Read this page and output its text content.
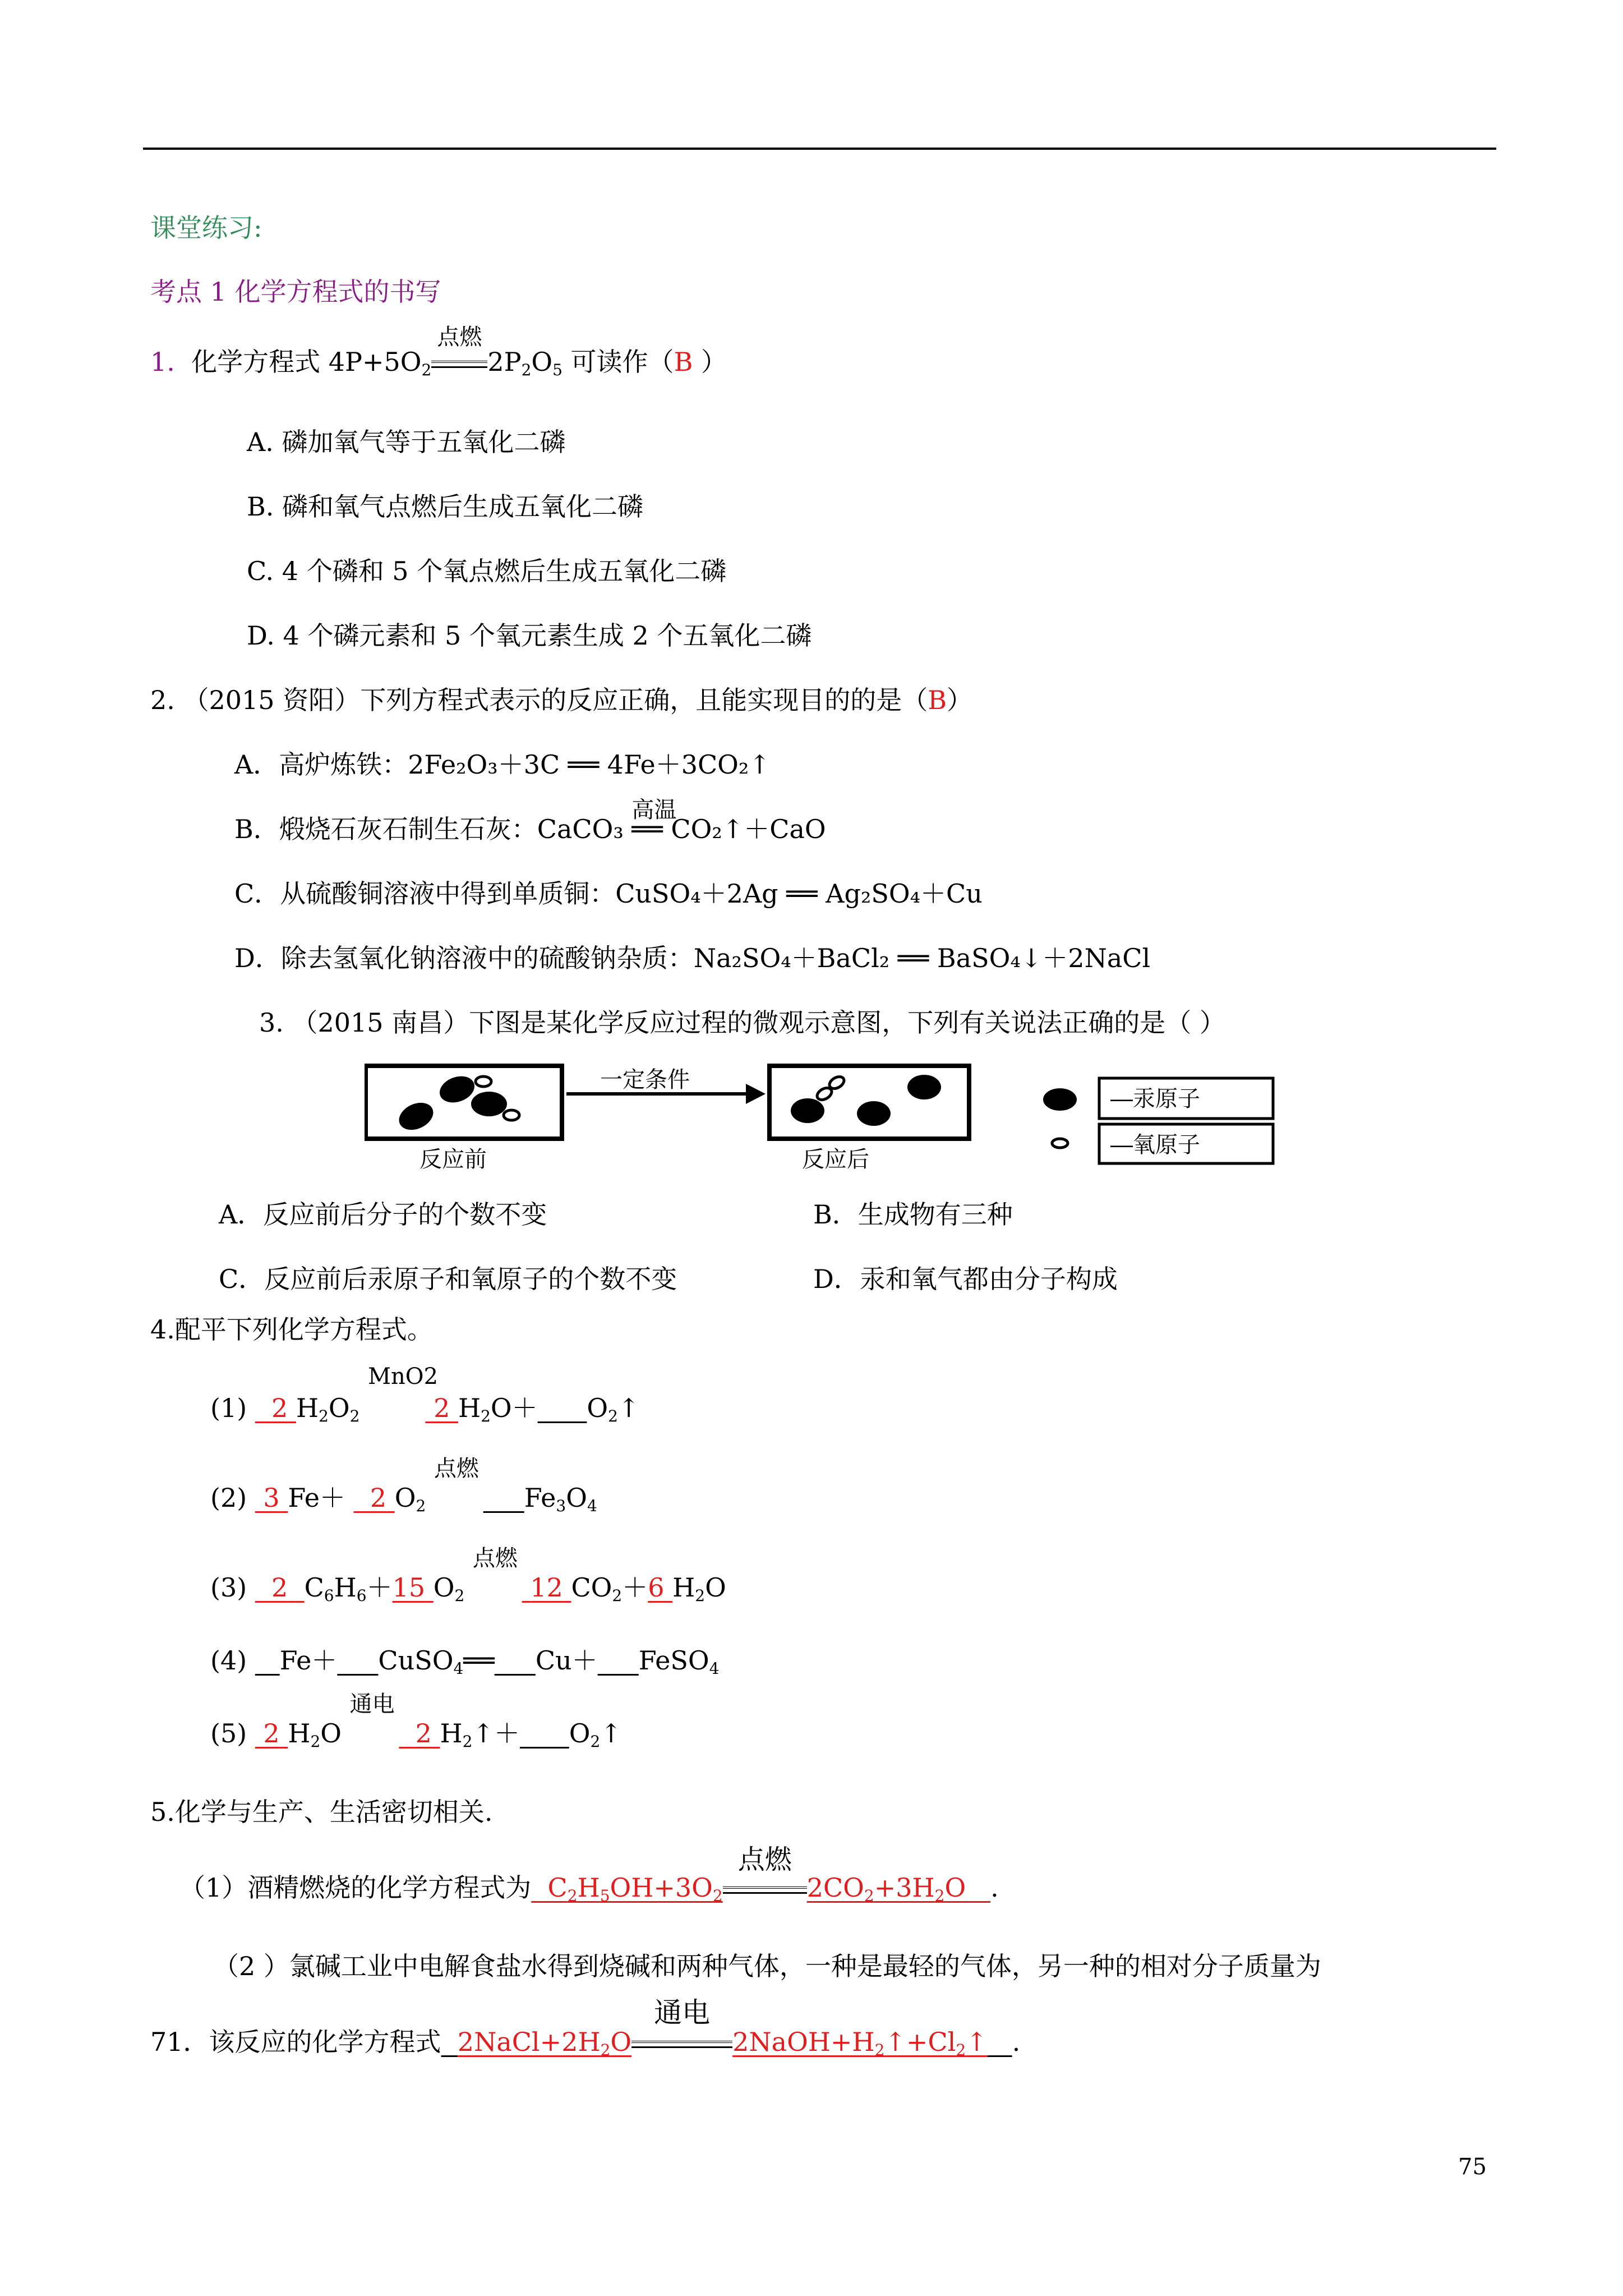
课堂练习:
考点 1 化学方程式的书写
1. 化学方程式 $4P+5O_2$
点燃
$2P_2O_5$ 可读作（B ）
A. 磷加氧气等于五氧化二磷
B. 磷和氧气点燃后生成五氧化二磷
C. 4 个磷和 5 个氧点燃后生成五氧化二磷
D. 4 个磷元素和 5 个氧元素生成 2 个五氧化二磷
2. （2015 资阳）下列方程式表示的反应正确，且能实现目的的是（B）
A．高炉炼铁：2Fe₂O₃＋3C ══ 4Fe＋3CO₂↑
B．煅烧石灰石制生石灰：CaCO₃
高温
══ CO₂↑＋CaO
C．从硫酸铜溶液中得到单质铜：CuSO₄＋2Ag ══ Ag₂SO₄＋Cu
D．除去氢氧化钠溶液中的硫酸钠杂质：Na₂SO₄＋BaCl₂ ══ BaSO₄↓＋2NaCl
3. （2015 南昌）下图是某化学反应过程的微观示意图，下列有关说法正确的是（ ）
反应前
一定条件
反应后
—汞原子
—氧原子
A．反应前后分子的个数不变	B．生成物有三种
C．反应前后汞原子和氧原子的个数不变	D．汞和氧气都由分子构成
4.配平下列化学方程式。
(1) 2 $H_2O_2$
MnO2
2 $H_2O+$ $O_2↑$
(2) 3 Fe＋   2 $O_2$
点燃
$Fe_3O_4$
(3) 2 $C_6H_6+15$ $O_2$
点燃
12 $CO_2+6$ $H_2O$
(4) Fe＋ CuSO$_4$══ Cu＋ FeSO$_4$
(5) 2 $H_2O$
通电
2 $H_2↑+$ $O_2↑$
5.化学与生产、生活密切相关.
（1）酒精燃烧的化学方程式为  $C_2H_5OH+3O_2$
点燃
$2CO_2+3H_2O$   .
（2 ）氯碱工业中电解食盐水得到烧碱和两种气体，一种是最轻的气体，另一种的相对分子质量为
71．该反应的化学方程式 $2NaCl+2H_2O$
通电
$2NaOH+H_2↑+Cl_2↑$ .
75
